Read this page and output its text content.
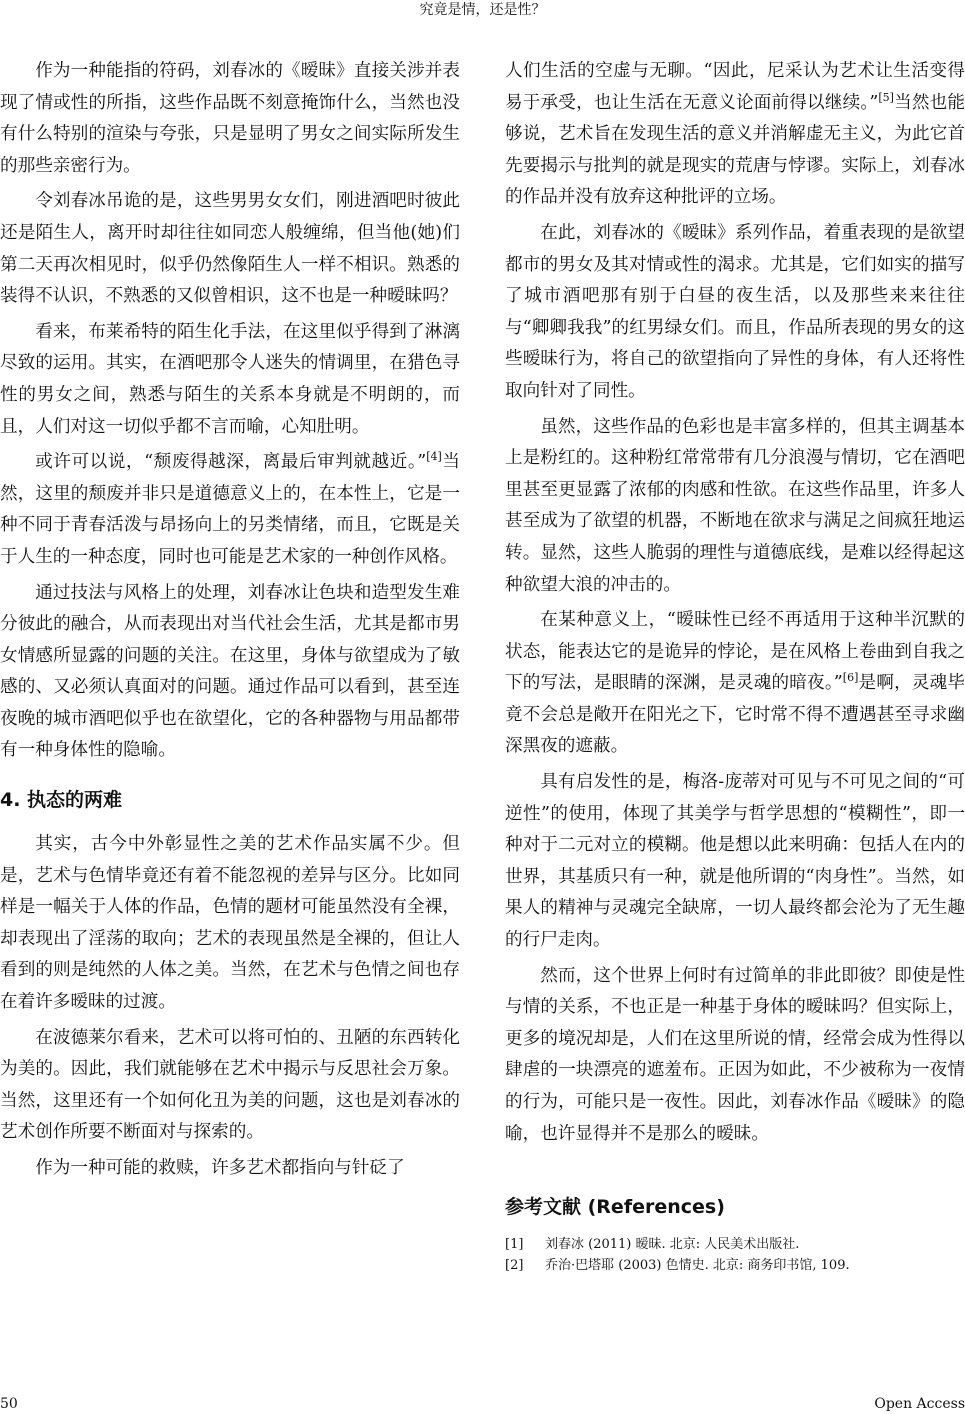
究竟是情，还是性？

作为一种能指的符码，刘春冰的《暧昧》直接关涉并表现了情或性的所指，这些作品既不刻意掩饰什么，当然也没有什么特别的渲染与夸张，只是显明了男女之间实际所发生的那些亲密行为。

令刘春冰吊诡的是，这些男男女女们，刚进酒吧时彼此还是陌生人，离开时却往往如同恋人般缠绵，但当他(她)们第二天再次相见时，似乎仍然像陌生人一样不相识。熟悉的装得不认识，不熟悉的又似曾相识，这不也是一种暧昧吗？

看来，布莱希特的陌生化手法，在这里似乎得到了淋漓尽致的运用。其实，在酒吧那令人迷失的情调里，在猎色寻性的男女之间，熟悉与陌生的关系本身就是不明朗的，而且，人们对这一切似乎都不言而喻，心知肚明。

或许可以说，“颓废得越深，离最后审判就越近。”[4]当然，这里的颓废并非只是道德意义上的，在本性上，它是一种不同于青春活泼与昂扬向上的另类情绪，而且，它既是关于人生的一种态度，同时也可能是艺术家的一种创作风格。

通过技法与风格上的处理，刘春冰让色块和造型发生难分彼此的融合，从而表现出对当代社会生活，尤其是都市男女情感所显露的问题的关注。在这里，身体与欲望成为了敏感的、又必须认真面对的问题。通过作品可以看到，甚至连夜晚的城市酒吧似乎也在欲望化，它的各种器物与用品都带有一种身体性的隐喻。

4. 执态的两难

其实，古今中外彰显性之美的艺术作品实属不少。但是，艺术与色情毕竟还有着不能忽视的差异与区分。比如同样是一幅关于人体的作品，色情的题材可能虽然没有全裸，却表现出了淫荡的取向；艺术的表现虽然是全裸的，但让人看到的则是纯然的人体之美。当然，在艺术与色情之间也存在着许多暧昧的过渡。

在波德莱尔看来，艺术可以将可怕的、丑陋的东西转化为美的。因此，我们就能够在艺术中揭示与反思社会万象。当然，这里还有一个如何化丑为美的问题，这也是刘春冰的艺术创作所要不断面对与探索的。

作为一种可能的救赎，许多艺术都指向与针砭了

人们生活的空虚与无聊。“因此，尼采认为艺术让生活变得易于承受，也让生活在无意义论面前得以继续。”[5]当然也能够说，艺术旨在发现生活的意义并消解虚无主义，为此它首先要揭示与批判的就是现实的荒唐与悖谬。实际上，刘春冰的作品并没有放弃这种批评的立场。

在此，刘春冰的《暧昧》系列作品，着重表现的是欲望都市的男女及其对情或性的渴求。尤其是，它们如实的描写了城市酒吧那有别于白昼的夜生活，以及那些来来往往与“卿卿我我”的红男绿女们。而且，作品所表现的男女的这些暧昧行为，将自己的欲望指向了异性的身体，有人还将性取向针对了同性。

虽然，这些作品的色彩也是丰富多样的，但其主调基本上是粉红的。这种粉红常常带有几分浪漫与情切，它在酒吧里甚至更显露了浓郁的肉感和性欲。在这些作品里，许多人甚至成为了欲望的机器，不断地在欲求与满足之间疯狂地运转。显然，这些人脆弱的理性与道德底线，是难以经得起这种欲望大浪的冲击的。

在某种意义上，“暧昧性已经不再适用于这种半沉默的状态，能表达它的是诡异的悖论，是在风格上卷曲到自我之下的写法，是眼睛的深渊，是灵魂的暗夜。”[6]是啊，灵魂毕竟不会总是敞开在阳光之下，它时常不得不遭遇甚至寻求幽深黑夜的遮蔽。

具有启发性的是，梅洛-庞蒂对可见与不可见之间的“可逆性”的使用，体现了其美学与哲学思想的“模糊性”，即一种对于二元对立的模糊。他是想以此来明确：包括人在内的世界，其基质只有一种，就是他所谓的“肉身性”。当然，如果人的精神与灵魂完全缺席，一切人最终都会沦为了无生趣的行尸走肉。

然而，这个世界上何时有过简单的非此即彼？即使是性与情的关系，不也正是一种基于身体的暧昧吗？但实际上，更多的境况却是，人们在这里所说的情，经常会成为性得以肆虐的一块漂亮的遮羞布。正因为如此，不少被称为一夜情的行为，可能只是一夜性。因此，刘春冰作品《暧昧》的隐喻，也许显得并不是那么的暧昧。

参考文献 (References)
[1]	刘春冰 (2011) 暧昧. 北京: 人民美术出版社.
[2]	乔治·巴塔耶 (2003) 色情史. 北京: 商务印书馆, 109.
50	Open Access
